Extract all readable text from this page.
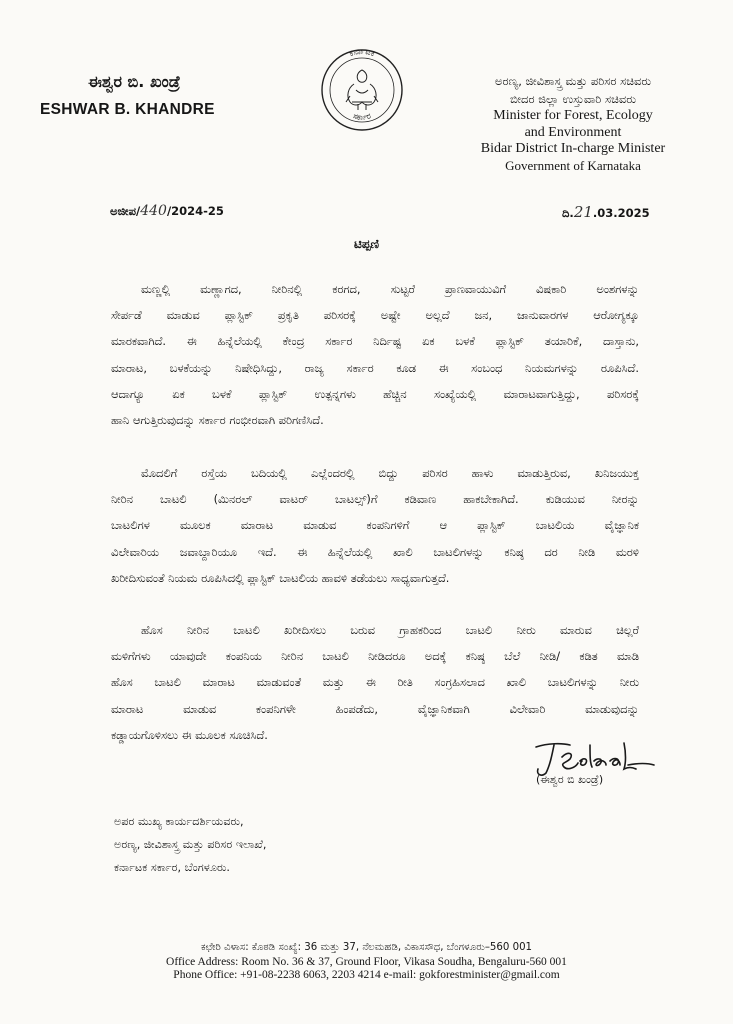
ಈಶ್ವರ ಬಿ. ಖಂಡ್ರೆ
ESHWAR B. KHANDRE
ಕರ್ನಾಟಕ
ಸರ್ಕಾರ
ಅರಣ್ಯ, ಜೀವಿಶಾಸ್ತ್ರ ಮತ್ತು ಪರಿಸರ ಸಚಿವರು
ಬೀದರ ಜಿಲ್ಲಾ ಉಸ್ತುವಾರಿ ಸಚಿವರು
Minister for Forest, Ecology
and Environment
Bidar District In-charge Minister
Government of Karnataka
ಅಜೀಪ/440/2024-25	ದಿ.21.03.2025
ಟಿಪ್ಪಣಿ
ಮಣ್ಣಲ್ಲಿ ಮಣ್ಣಾಗದ, ನೀರಿನಲ್ಲಿ ಕರಗದ, ಸುಟ್ಟರೆ ಪ್ರಾಣವಾಯುವಿಗೆ ವಿಷಕಾರಿ ಅಂಶಗಳನ್ನು
ಸೇರ್ಪಡೆ ಮಾಡುವ ಪ್ಲಾಸ್ಟಿಕ್ ಪ್ರಕೃತಿ ಪರಿಸರಕ್ಕೆ ಅಷ್ಟೇ ಅಲ್ಲದೆ ಜನ, ಜಾನುವಾರಗಳ ಆರೋಗ್ಯಕ್ಕೂ
ಮಾರಕವಾಗಿದೆ. ಈ ಹಿನ್ನೆಲೆಯಲ್ಲಿ ಕೇಂದ್ರ ಸರ್ಕಾರ ನಿರ್ದಿಷ್ಟ ಏಕ ಬಳಕೆ ಪ್ಲಾಸ್ಟಿಕ್ ತಯಾರಿಕೆ, ದಾಸ್ತಾನು,
ಮಾರಾಟ, ಬಳಕೆಯನ್ನು ನಿಷೇಧಿಸಿದ್ದು, ರಾಜ್ಯ ಸರ್ಕಾರ ಕೂಡ ಈ ಸಂಬಂಧ ನಿಯಮಗಳನ್ನು ರೂಪಿಸಿದೆ.
ಆದಾಗ್ಯೂ ಏಕ ಬಳಕೆ ಪ್ಲಾಸ್ಟಿಕ್ ಉತ್ಪನ್ನಗಳು ಹೆಚ್ಚಿನ ಸಂಖ್ಯೆಯಲ್ಲಿ ಮಾರಾಟವಾಗುತ್ತಿದ್ದು, ಪರಿಸರಕ್ಕೆ
ಹಾನಿ ಆಗುತ್ತಿರುವುದನ್ನು ಸರ್ಕಾರ ಗಂಭೀರವಾಗಿ ಪರಿಗಣಿಸಿದೆ.
ಮೊದಲಿಗೆ ರಸ್ತೆಯ ಬದಿಯಲ್ಲಿ ಎಲ್ಲೆಂದರಲ್ಲಿ ಬಿದ್ದು ಪರಿಸರ ಹಾಳು ಮಾಡುತ್ತಿರುವ, ಖನಿಜಯುಕ್ತ
ನೀರಿನ ಬಾಟಲಿ (ಮಿನರಲ್ ವಾಟರ್ ಬಾಟಲ್ಸ್)ಗೆ ಕಡಿವಾಣ ಹಾಕಬೇಕಾಗಿದೆ. ಕುಡಿಯುವ ನೀರನ್ನು
ಬಾಟಲಿಗಳ ಮೂಲಕ ಮಾರಾಟ ಮಾಡುವ ಕಂಪನಿಗಳಿಗೆ ಆ ಪ್ಲಾಸ್ಟಿಕ್ ಬಾಟಲಿಯ ವೈಜ್ಞಾನಿಕ
ವಿಲೇವಾರಿಯ ಜವಾಬ್ದಾರಿಯೂ ಇದೆ. ಈ ಹಿನ್ನೆಲೆಯಲ್ಲಿ ಖಾಲಿ ಬಾಟಲಿಗಳನ್ನು ಕನಿಷ್ಠ ದರ ನೀಡಿ ಮರಳಿ
ಖರೀದಿಸುವಂತೆ ನಿಯಮ ರೂಪಿಸಿದಲ್ಲಿ ಪ್ಲಾಸ್ಟಿಕ್ ಬಾಟಲಿಯ ಹಾವಳಿ ತಡೆಯಲು ಸಾಧ್ಯವಾಗುತ್ತದೆ.
ಹೊಸ ನೀರಿನ ಬಾಟಲಿ ಖರೀದಿಸಲು ಬರುವ ಗ್ರಾಹಕರಿಂದ ಬಾಟಲಿ ನೀರು ಮಾರುವ ಚಿಲ್ಲರೆ
ಮಳಿಗೆಗಳು ಯಾವುದೇ ಕಂಪನಿಯ ನೀರಿನ ಬಾಟಲಿ ನೀಡಿದರೂ ಅದಕ್ಕೆ ಕನಿಷ್ಠ ಬೆಲೆ ನೀಡಿ/ ಕಡಿತ ಮಾಡಿ
ಹೊಸ ಬಾಟಲಿ ಮಾರಾಟ ಮಾಡುವಂತೆ ಮತ್ತು ಈ ರೀತಿ ಸಂಗ್ರಹಿಸಲಾದ ಖಾಲಿ ಬಾಟಲಿಗಳನ್ನು ನೀರು
ಮಾರಾಟ ಮಾಡುವ ಕಂಪನಿಗಳೇ ಹಿಂಪಡೆದು, ವೈಜ್ಞಾನಿಕವಾಗಿ ವಿಲೇವಾರಿ ಮಾಡುವುದನ್ನು
ಕಡ್ಡಾಯಗೊಳಿಸಲು ಈ ಮೂಲಕ ಸೂಚಿಸಿದೆ.
(ಈಶ್ವರ ಬಿ ಖಂಡ್ರೆ)
ಅಪರ ಮುಖ್ಯ ಕಾರ್ಯದರ್ಶಿಯವರು,
ಅರಣ್ಯ, ಜೀವಿಶಾಸ್ತ್ರ ಮತ್ತು ಪರಿಸರ ಇಲಾಖೆ,
ಕರ್ನಾಟಕ ಸರ್ಕಾರ, ಬೆಂಗಳೂರು.
ಕಛೇರಿ ವಿಳಾಸ: ಕೊಠಡಿ ಸಂಖ್ಯೆ: 36 ಮತ್ತು 37, ನೆಲಮಹಡಿ, ವಿಕಾಸಸೌಧ, ಬೆಂಗಳೂರು–560 001
Office Address: Room No. 36 & 37, Ground Floor, Vikasa Soudha, Bengaluru-560 001
Phone Office: +91-08-2238 6063, 2203 4214 e-mail: gokforestminister@gmail.com
